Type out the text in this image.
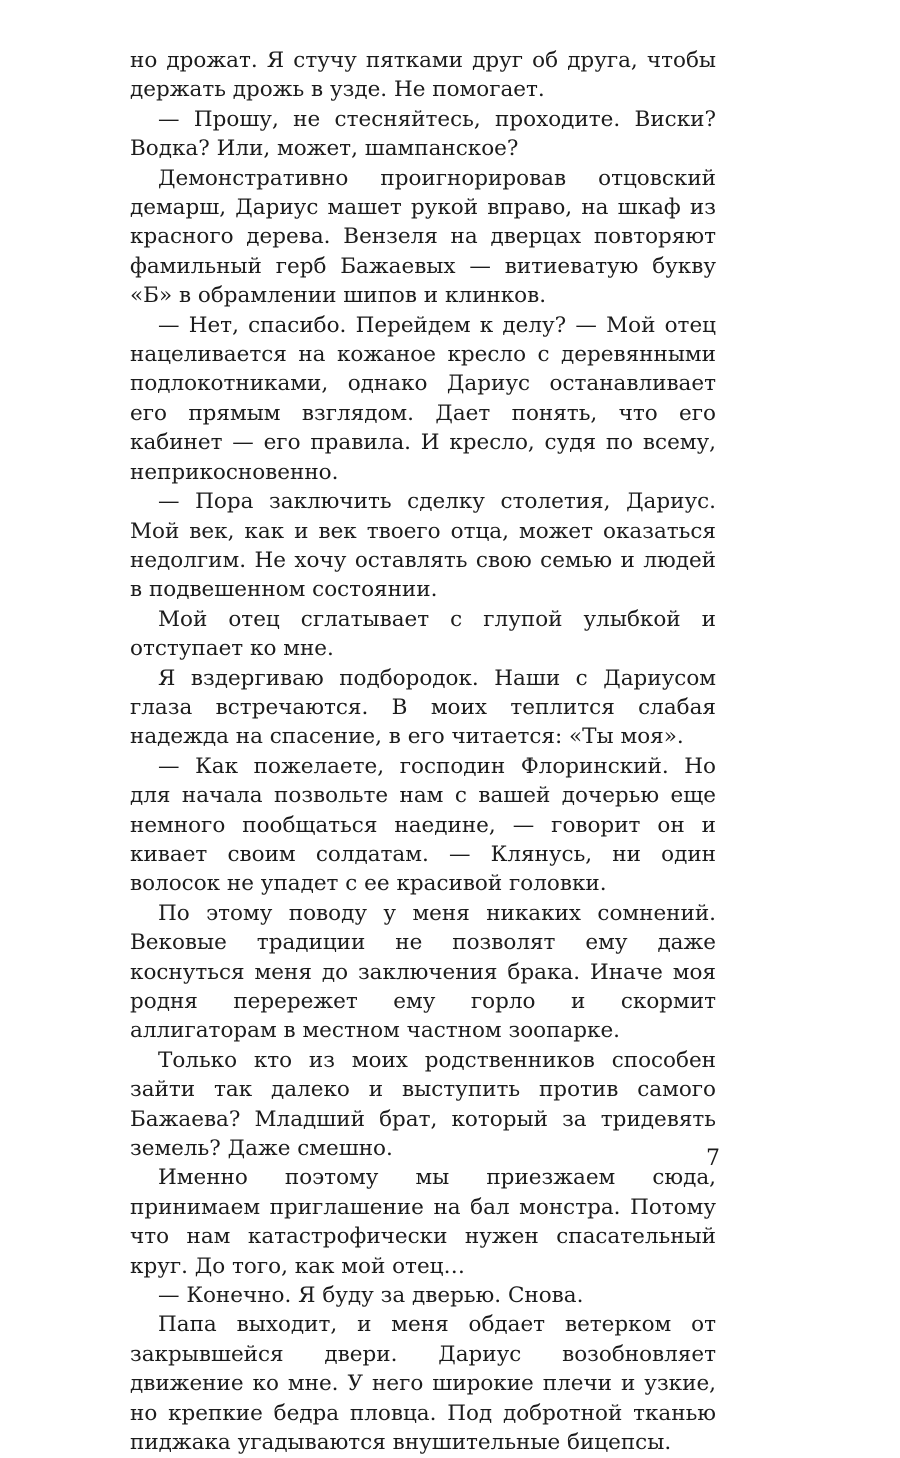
но дрожат. Я стучу пятками друг об друга, чтобы держать дрожь в узде. Не помогает.

— Прошу, не стесняйтесь, проходите. Виски? Водка? Или, может, шампанское?

Демонстративно проигнорировав отцовский демарш, Дариус машет рукой вправо, на шкаф из красного дерева. Вензеля на дверцах повторяют фамильный герб Бажаевых — витиеватую букву «Б» в обрамлении шипов и клинков.

— Нет, спасибо. Перейдем к делу? — Мой отец нацеливается на кожаное кресло с деревянными подлокотниками, однако Дариус останавливает его прямым взглядом. Дает понять, что его кабинет — его правила. И кресло, судя по всему, неприкосновенно.

— Пора заключить сделку столетия, Дариус. Мой век, как и век твоего отца, может оказаться недолгим. Не хочу оставлять свою семью и людей в подвешенном состоянии.

Мой отец сглатывает с глупой улыбкой и отступает ко мне.

Я вздергиваю подбородок. Наши с Дариусом глаза встречаются. В моих теплится слабая надежда на спасение, в его читается: «Ты моя».

— Как пожелаете, господин Флоринский. Но для начала позвольте нам с вашей дочерью еще немного пообщаться наедине, — говорит он и кивает своим солдатам. — Клянусь, ни один волосок не упадет с ее красивой головки.

По этому поводу у меня никаких сомнений. Вековые традиции не позволят ему даже коснуться меня до заключения брака. Иначе моя родня перережет ему горло и скормит аллигаторам в местном частном зоопарке.

Только кто из моих родственников способен зайти так далеко и выступить против самого Бажаева? Младший брат, который за тридевять земель? Даже смешно.

Именно поэтому мы приезжаем сюда, принимаем приглашение на бал монстра. Потому что нам катастрофически нужен спасательный круг. До того, как мой отец…

— Конечно. Я буду за дверью. Снова.

Папа выходит, и меня обдает ветерком от закрывшейся двери. Дариус возобновляет движение ко мне. У него широкие плечи и узкие, но крепкие бедра пловца. Под добротной тканью пиджака угадываются внушительные бицепсы.

7
